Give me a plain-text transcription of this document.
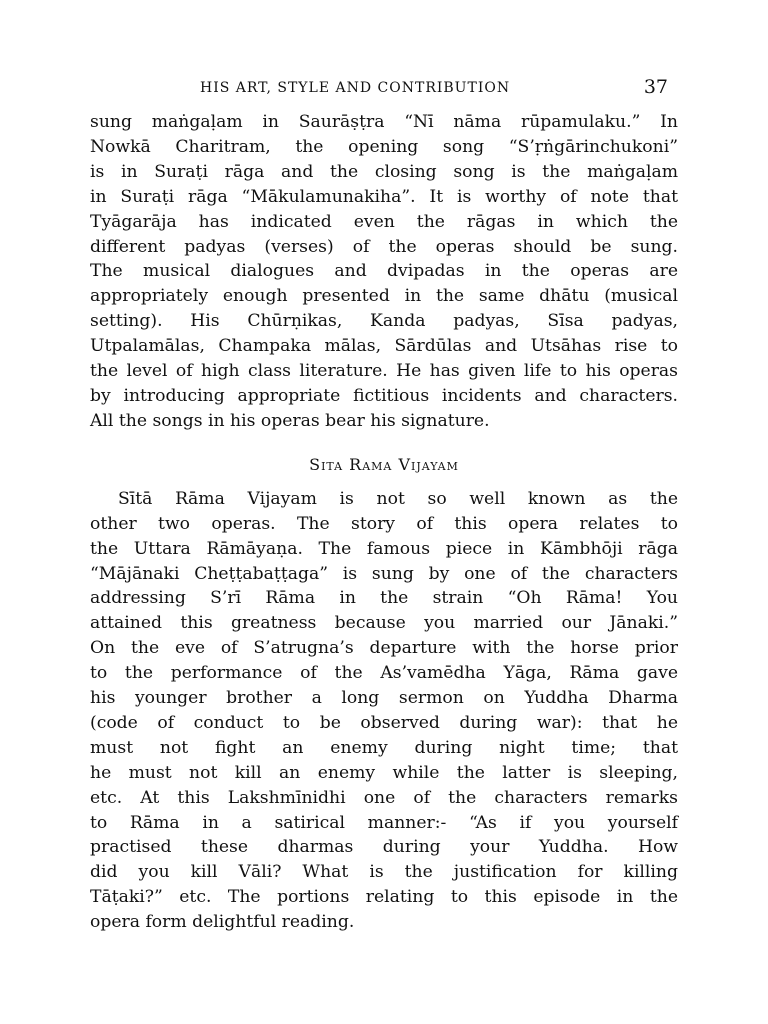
HIS ART, STYLE AND CONTRIBUTION	37

sung maṅgaḷam in Saurāṣṭra “Nī nāma rūpamulaku.” In
Nowkā Charitram, the opening song “S’ṛṅgārinchukoni”
is in Suraṭi rāga and the closing song is the maṅgaḷam
in Suraṭi rāga “Mākulamunakiha”. It is worthy of note that
Tyāgarāja has indicated even the rāgas in which the
different padyas (verses) of the operas should be sung.
The musical dialogues and dvipadas in the operas are
appropriately enough presented in the same dhātu (musical
setting). His Chūrṇikas, Kanda padyas, Sīsa padyas,
Utpalamālas, Champaka mālas, Sārdūlas and Utsāhas rise to
the level of high class literature. He has given life to his operas
by introducing appropriate fictitious incidents and characters.
All the songs in his operas bear his signature.

Sita Rama Vijayam

Sītā Rāma Vijayam is not so well known as the
other two operas. The story of this opera relates to
the Uttara Rāmāyaṇa. The famous piece in Kāmbhōji rāga
“Mājānaki Cheṭṭabaṭṭaga” is sung by one of the characters
addressing S’rī Rāma in the strain “Oh Rāma! You
attained this greatness because you married our Jānaki.”
On the eve of S’atrugna’s departure with the horse prior
to the performance of the As’vamēdha Yāga, Rāma gave
his younger brother a long sermon on Yuddha Dharma
(code of conduct to be observed during war): that he
must not fight an enemy during night time; that
he must not kill an enemy while the latter is sleeping,
etc. At this Lakshmīnidhi one of the characters remarks
to Rāma in a satirical manner:- “As if you yourself
practised these dharmas during your Yuddha. How
did you kill Vāli? What is the justification for killing
Tāṭaki?” etc. The portions relating to this episode in the
opera form delightful reading.
